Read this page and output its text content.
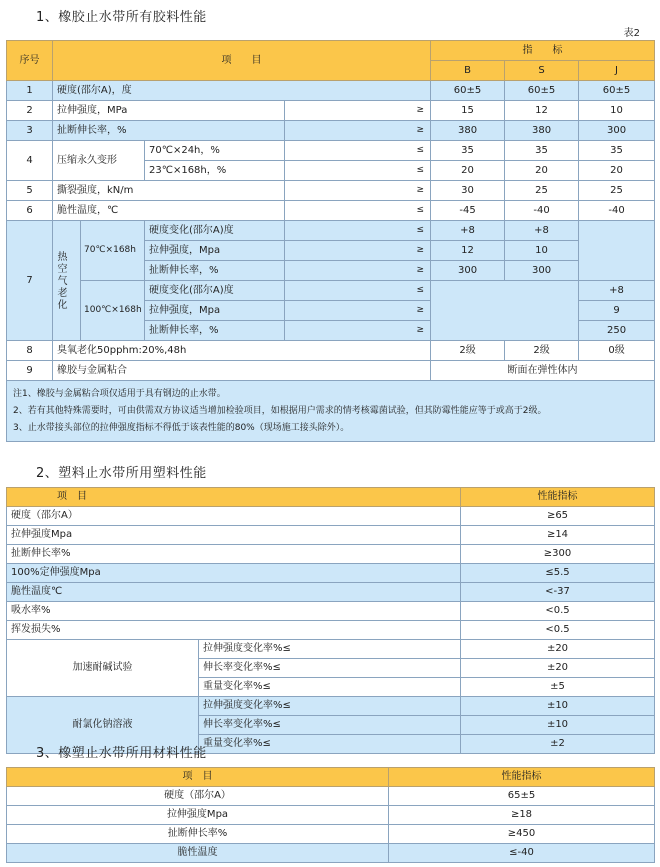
1、橡胶止水带所有胶料性能
表2
序号	项　　目				指　　标		
					B	S	J
1	硬度(邵尔A)，度				60±5	60±5	60±5
2	拉伸强度，MPa			≥	15	12	10
3	扯断伸长率，%			≥	380	380	300
4	压缩永久变形		70℃×24h，%	≤	35	35	35
			23℃×168h，%	≤	20	20	20
5	撕裂强度，kN/m			≥	30	25	25
6	脆性温度，℃			≤	-45	-40	-40
7	热空气老化	70℃×168h	硬度变化(邵尔A)度	≤	+8	+8	
			拉伸强度，Mpa	≥	12	10	
			扯断伸长率，%	≥	300	300	
		100℃×168h	硬度变化(邵尔A)度	≤			+8
			拉伸强度，Mpa	≥			9
			扯断伸长率，%	≥			250
8	臭氧老化50pphm:20%,48h				2级	2级	0级
9	橡胶与金属粘合				断面在弹性体内		

注1、橡胶与金属粘合项仅适用于具有钢边的止水带。
2、若有其他特殊需要时，可由供需双方协议适当增加检验项目，如根据用户需求的情考核霉菌试验，但其防霉性能应等于或高于2级。
3、止水带接头部位的拉伸强度指标不得低于该表性能的80%（现场施工接头除外）。							
2、塑料止水带所用塑料性能
项　目		性能指标
硬度（邵尔A）		≥65
拉伸强度Mpa		≥14
扯断伸长率%		≥300
100%定伸强度Mpa		≤5.5
脆性温度℃		<-37
吸水率%		<0.5
挥发损失%		<0.5
加速耐碱试验	拉伸强度变化率%≤	±20
	伸长率变化率%≤	±20
	重量变化率%≤	±5
耐氯化钠溶液	拉伸强度变化率%≤	±10
	伸长率变化率%≤	±10
	重量变化率%≤	±2
3、橡塑止水带所用材料性能
项　目	性能指标
硬度（邵尔A）	65±5
拉伸强度Mpa	≥18
扯断伸长率%	≥450
脆性温度	≤-40
